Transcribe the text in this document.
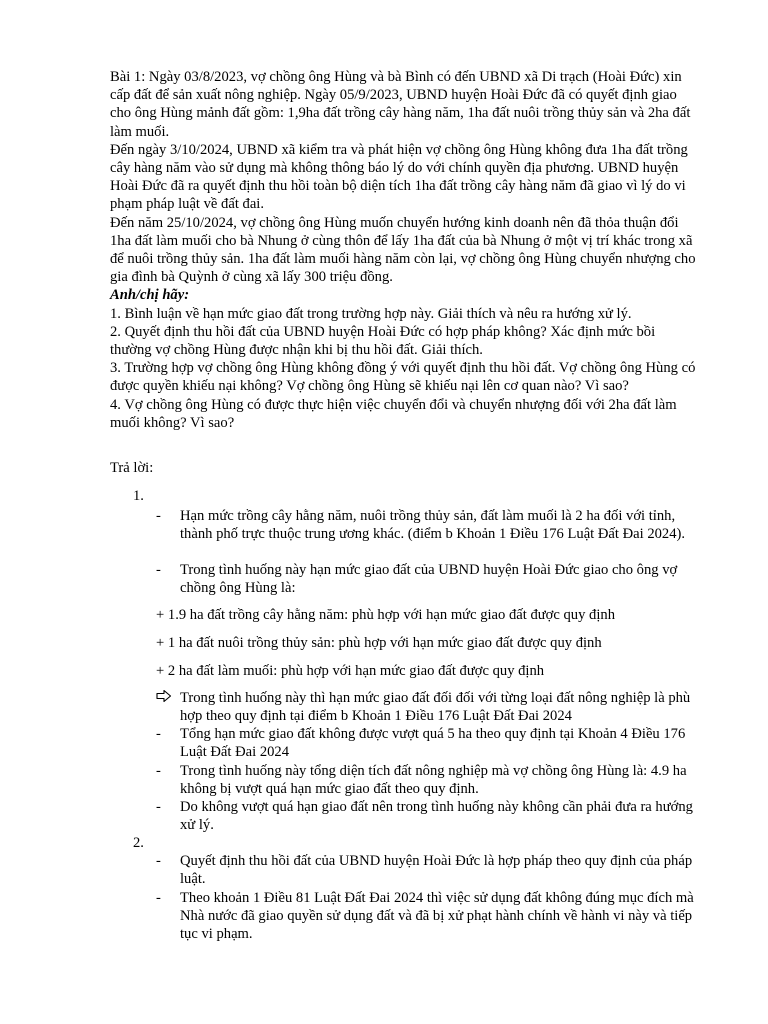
Bài 1: Ngày 03/8/2023, vợ chồng ông Hùng và bà Bình có đến UBND xã Di trạch (Hoài Đức) xin cấp đất để sản xuất nông nghiệp. Ngày 05/9/2023, UBND huyện Hoài Đức đã có quyết định giao cho ông Hùng mảnh đất gồm: 1,9ha đất trồng cây hàng năm, 1ha đất nuôi trồng thủy sản và 2ha đất làm muối.

Đến ngày 3/10/2024, UBND xã kiểm tra và phát hiện vợ chồng ông Hùng không đưa 1ha đất trồng cây hàng năm vào sử dụng mà không thông báo lý do với chính quyền địa phương. UBND huyện Hoài Đức đã ra quyết định thu hồi toàn bộ diện tích 1ha đất trồng cây hàng năm đã giao vì lý do vi phạm pháp luật về đất đai.

Đến năm 25/10/2024, vợ chồng ông Hùng muốn chuyển hướng kinh doanh nên đã thỏa thuận đổi 1ha đất làm muối cho bà Nhung ở cùng thôn để lấy 1ha đất của bà Nhung ở một vị trí khác trong xã để nuôi trồng thủy sản. 1ha đất làm muối hàng năm còn lại, vợ chồng ông Hùng chuyển nhượng cho gia đình bà Quỳnh ở cùng xã lấy 300 triệu đồng.

Anh/chị hãy:

1. Bình luận về hạn mức giao đất trong trường hợp này. Giải thích và nêu ra hướng xử lý.

2. Quyết định thu hồi đất của UBND huyện Hoài Đức có hợp pháp không? Xác định mức bồi thường vợ chồng Hùng được nhận khi bị thu hồi đất. Giải thích.

3. Trường hợp vợ chồng ông Hùng không đồng ý với quyết định thu hồi đất. Vợ chồng ông Hùng có được quyền khiếu nại không? Vợ chồng ông Hùng sẽ khiếu nại lên cơ quan nào? Vì sao?

4. Vợ chồng ông Hùng có được thực hiện việc chuyển đổi và chuyển nhượng đối với 2ha đất làm muối không? Vì sao?

Trả lời:

1.

- Hạn mức trồng cây hằng năm, nuôi trồng thủy sản, đất làm muối là 2 ha đối với tỉnh, thành phố trực thuộc trung ương khác. (điểm b Khoản 1 Điều 176 Luật Đất Đai 2024).

- Trong tình huống này hạn mức giao đất của UBND huyện Hoài Đức giao cho ông vợ chồng ông Hùng là:

+ 1.9 ha đất trồng cây hằng năm: phù hợp với hạn mức giao đất được quy định

+ 1 ha đất nuôi trồng thủy sản: phù hợp với hạn mức giao đất được quy định

+ 2 ha đất làm muối: phù hợp với hạn mức giao đất được quy định

Trong tình huống này thì hạn mức giao đất đối đối với từng loại đất nông nghiệp là phù hợp theo quy định tại điểm b Khoản 1 Điều 176 Luật Đất Đai 2024

- Tổng hạn mức giao đất không được vượt quá 5 ha theo quy định tại Khoản 4 Điều 176 Luật Đất Đai 2024

- Trong tình huống này tổng diện tích đất nông nghiệp mà vợ chồng ông Hùng là: 4.9 ha không bị vượt quá hạn mức giao đất theo quy định.

- Do không vượt quá hạn giao đất nên trong tình huống này không cần phải đưa ra hướng xử lý.

2.

- Quyết định thu hồi đất của UBND huyện Hoài Đức là hợp pháp theo quy định của pháp luật.

- Theo khoản 1 Điều 81 Luật Đất Đai 2024 thì việc sử dụng đất không đúng mục đích mà Nhà nước đã giao quyền sử dụng đất và đã bị xử phạt hành chính về hành vi này và tiếp tục vi phạm.
